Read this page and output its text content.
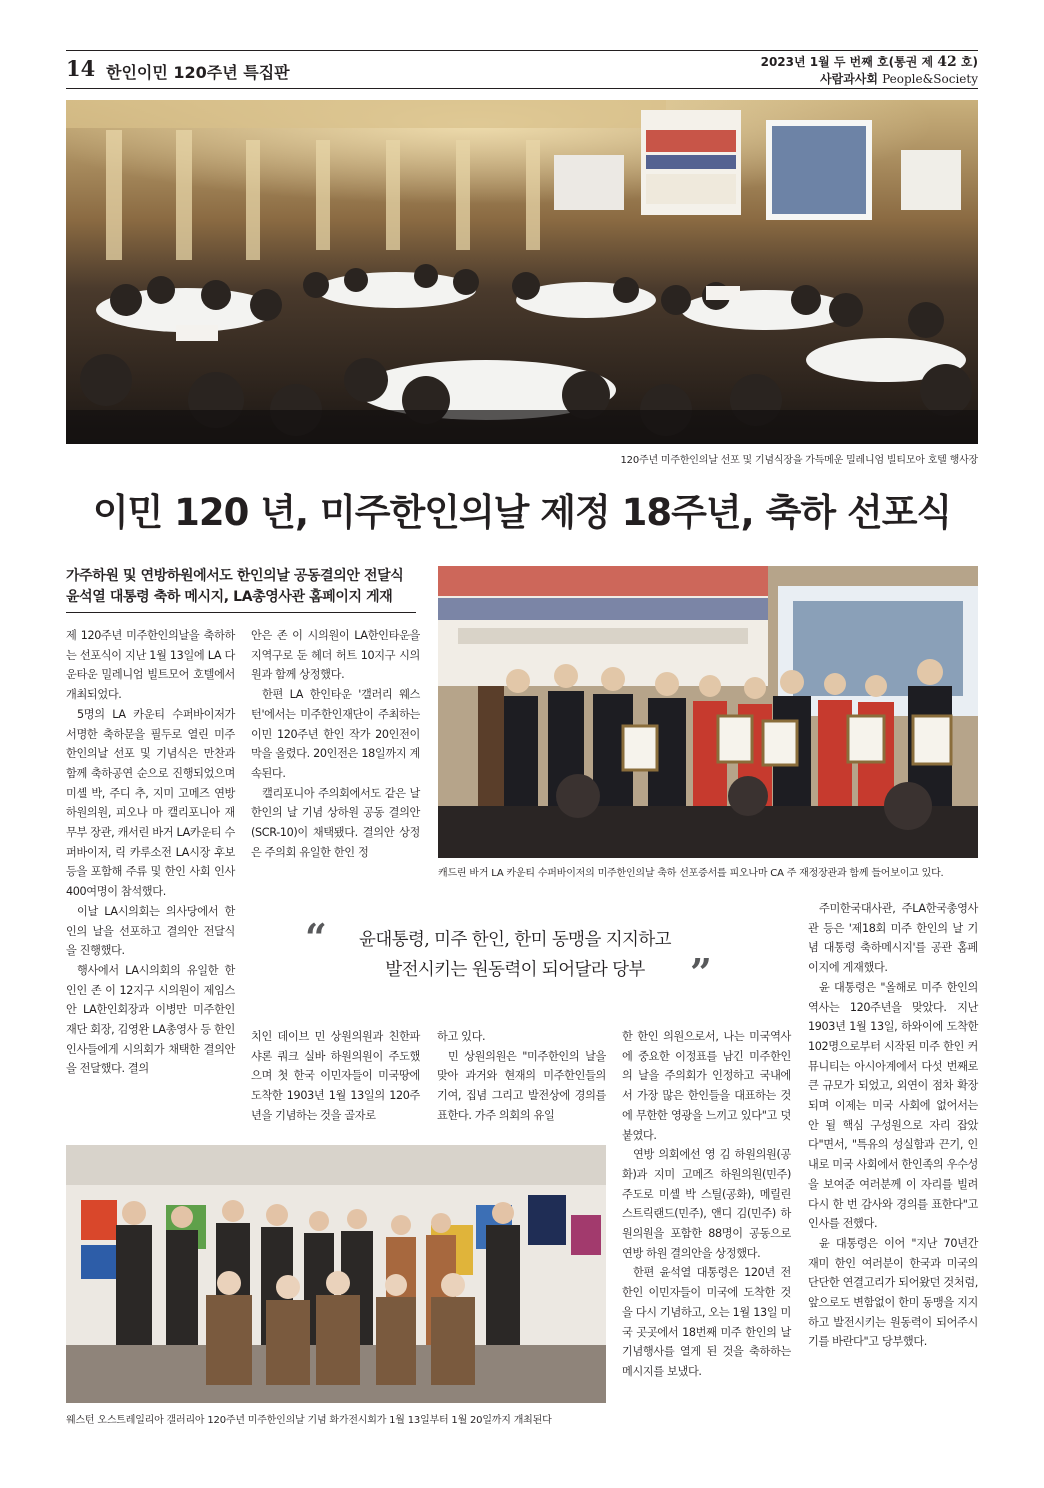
14 한인이민 120주년 특집판
2023년 1월 두 번째 호(통권 제 42 호)
사람과사회 People&Society
120주년 미주한인의날 선포 및 기념식장을 가득메운 밀레니엄 빌티모아 호텔 행사장
이민 120 년, 미주한인의날 제정 18주년, 축하 선포식
가주하원 및 연방하원에서도 한인의날 공동결의안 전달식
윤석열 대통령 축하 메시지, LA총영사관 홈페이지 게재
캐드린 바거 LA 카운티 수퍼바이저의 미주한인의날 축하 선포증서를 피오나마 CA 주 재정장관과 함께 들어보이고 있다.

제 120주년 미주한인의날을 축하하는 선포식이 지난 1월 13일에 LA 다운타운 밀레니엄 빌트모어 호텔에서 개최되었다.

5명의 LA 카운티 수퍼바이저가 서명한 축하문을 필두로 열린 미주한인의날 선포 및 기념식은 만찬과 함께 축하공연 순으로 진행되었으며 미셸 박, 주디 추, 지미 고메즈 연방 하원의원, 피오나 마 캘리포니아 재무부 장관, 캐서린 바거 LA카운티 수퍼바이저, 릭 카루소전 LA시장 후보 등을 포함해 주류 및 한인 사회 인사 400여명이 참석했다.

이날 LA시의회는 의사당에서 한인의 날을 선포하고 결의안 전달식을 진행했다.

행사에서 LA시의회의 유일한 한인인 존 이 12지구 시의원이 제임스 안 LA한인회장과 이병만 미주한인재단 회장, 김영완 LA총영사 등 한인 인사들에게 시의회가 채택한 결의안을 전달했다. 결의

안은 존 이 시의원이 LA한인타운을 지역구로 둔 헤더 허트 10지구 시의원과 함께 상정했다.

한편 LA 한인타운 '갤러리 웨스턴'에서는 미주한인재단이 주최하는 이민 120주년 한인 작가 20인전이 막을 올렸다. 20인전은 18일까지 계속된다.

캘리포니아 주의회에서도 같은 날 한인의 날 기념 상하원 공동 결의안(SCR-10)이 채택됐다. 결의안 상정은 주의회 유일한 한인 정

“	윤대통령, 미주 한인, 한미 동맹을 지지하고
발전시키는 원동력이 되어달라 당부	”

치인 데이브 민 상원의원과 친한파 샤론 쿼크 실바 하원의원이 주도했으며 첫 한국 이민자들이 미국땅에 도착한 1903년 1월 13일의 120주년을 기념하는 것을 골자로

하고 있다.

민 상원의원은 "미주한인의 날을 맞아 과거와 현재의 미주한인들의 기여, 집념 그리고 발전상에 경의를 표한다. 가주 의회의 유일

한 한인 의원으로서, 나는 미국역사에 중요한 이정표를 남긴 미주한인의 날을 주의회가 인정하고 국내에서 가장 많은 한인들을 대표하는 것에 무한한 영광을 느끼고 있다"고 덧붙였다.

연방 의회에선 영 김 하원의원(공화)과 지미 고메즈 하원의원(민주) 주도로 미셸 박 스틸(공화), 메릴린 스트릭랜드(민주), 앤디 김(민주) 하원의원을 포함한 88명이 공동으로 연방 하원 결의안을 상정했다.

한편 윤석열 대통령은 120년 전 한인 이민자들이 미국에 도착한 것을 다시 기념하고, 오는 1월 13일 미국 곳곳에서 18번째 미주 한인의 날 기념행사를 열게 된 것을 축하하는 메시지를 보냈다.

주미한국대사관, 주LA한국총영사관 등은 '제18회 미주 한인의 날 기념 대통령 축하메시지'를 공관 홈페이지에 게재했다.

윤 대통령은 "올해로 미주 한인의 역사는 120주년을 맞았다. 지난 1903년 1월 13일, 하와이에 도착한 102명으로부터 시작된 미주 한인 커뮤니티는 아시아계에서 다섯 번째로 큰 규모가 되었고, 외연이 점차 확장되며 이제는 미국 사회에 없어서는 안 될 핵심 구성원으로 자리 잡았다"면서, "특유의 성실함과 끈기, 인내로 미국 사회에서 한인족의 우수성을 보여준 여러분께 이 자리를 빌려 다시 한 번 감사와 경의를 표한다"고 인사를 전했다.

윤 대통령은 이어 "지난 70년간 재미 한인 여러분이 한국과 미국의 단단한 연결고리가 되어왔던 것처럼, 앞으로도 변함없이 한미 동맹을 지지하고 발전시키는 원동력이 되어주시기를 바란다"고 당부했다.

웨스턴 오스트레일리아 갤러리아 120주년 미주한인의날 기념 화가전시회가 1월 13일부터 1월 20일까지 개최된다
